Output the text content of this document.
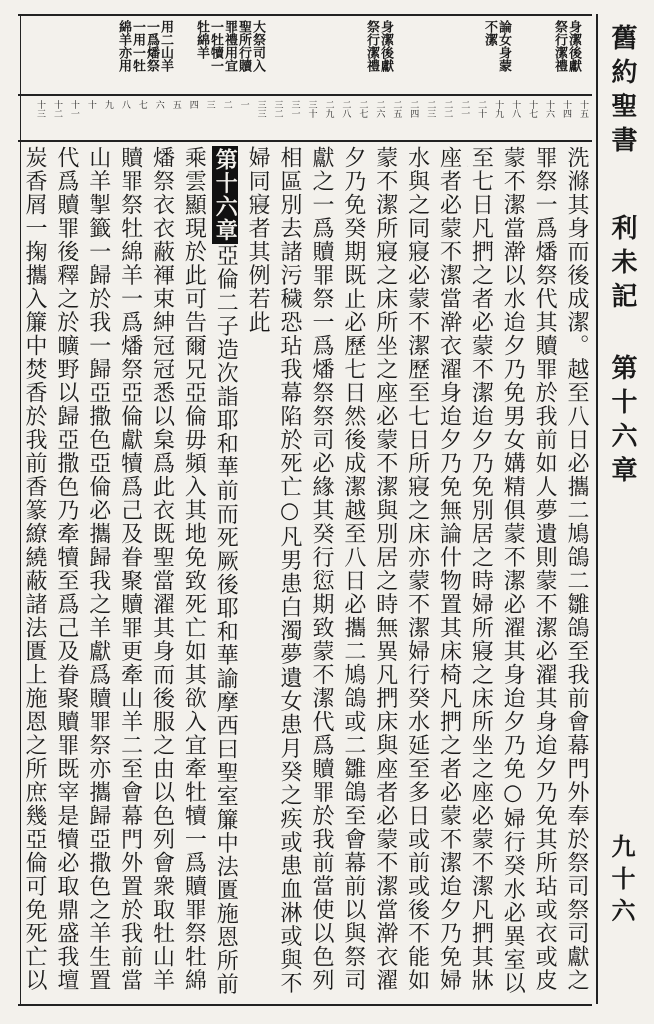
舊約聖書
利未記
第十六章
九十六
身潔後獻
祭行潔禮
論女身蒙
不潔
身潔後獻
祭行潔禮
大祭司入
聖所行贖
罪禮用宜
一牡犢一
牡綿羊
用二山羊
一爲燔祭
一用一牡
綿羊亦用
十五
十四
十六
十七
十八
十九
二十
二一
二二
二三
二四
二五
二六
二七
二八
二九
三十
三一
三二
三三
一
二
三
四
五
六
七
八
九
十
十一
十二
十三
洗滌其身而後成潔。越至八日必攜二鳩鴿二雛鴿至我前會幕門外奉於祭司祭司獻之
罪祭一爲燔祭代其贖罪於我前如人夢遺則蒙不潔必濯其身迨夕乃免其所玷或衣或皮
蒙不潔當澣以水迨夕乃免男女媾精俱蒙不潔必濯其身迨夕乃免○婦行癸水必異室以
至七日凡捫之者必蒙不潔迨夕乃免別居之時婦所寢之床所坐之座必蒙不潔凡捫其牀
座者必蒙不潔當澣衣濯身迨夕乃免無論什物置其床椅凡捫之者必蒙不潔迨夕乃免婦
水與之同寢必蒙不潔歷至七日所寢之床亦蒙不潔婦行癸水延至多日或前或後不能如
蒙不潔所寢之床所坐之座必蒙不潔與別居之時無異凡捫床與座者必蒙不潔當澣衣濯
夕乃免癸期既止必歷七日然後成潔越至八日必攜二鳩鴿或二雛鴿至會幕前以與祭司
獻之一爲贖罪祭一爲燔祭祭司必緣其癸行愆期致蒙不潔代爲贖罪於我前當使以色列
相區別去諸污穢恐玷我幕陷於死亡○凡男患白濁夢遺女患月癸之疾或患血淋或與不
婦同寢者其例若此
第十六章亞倫二子造次詣耶和華前而死厥後耶和華諭摩西曰聖室簾中法匱施恩所前
乘雲顯現於此可告爾兄亞倫毋頻入其地免致死亡如其欲入宜牽牡犢一爲贖罪祭牡綿
燔祭衣衣蔽褌束紳冠冠悉以枲爲此衣既聖當濯其身而後服之由以色列會衆取牡山羊
贖罪祭牡綿羊一爲燔祭亞倫獻犢爲己及眷聚贖罪更牽山羊二至會幕門外置於我前當
山羊掣籤一歸於我一歸亞撒色亞倫必攜歸我之羊獻爲贖罪祭亦攜歸亞撒色之羊生置
代爲贖罪後釋之於曠野以歸亞撒色乃牽犢至爲己及眷聚贖罪既宰是犢必取鼎盛我壇
炭香屑一掬攜入簾中焚香於我前香篆繚繞蔽諸法匱上施恩之所庶幾亞倫可免死亡以
